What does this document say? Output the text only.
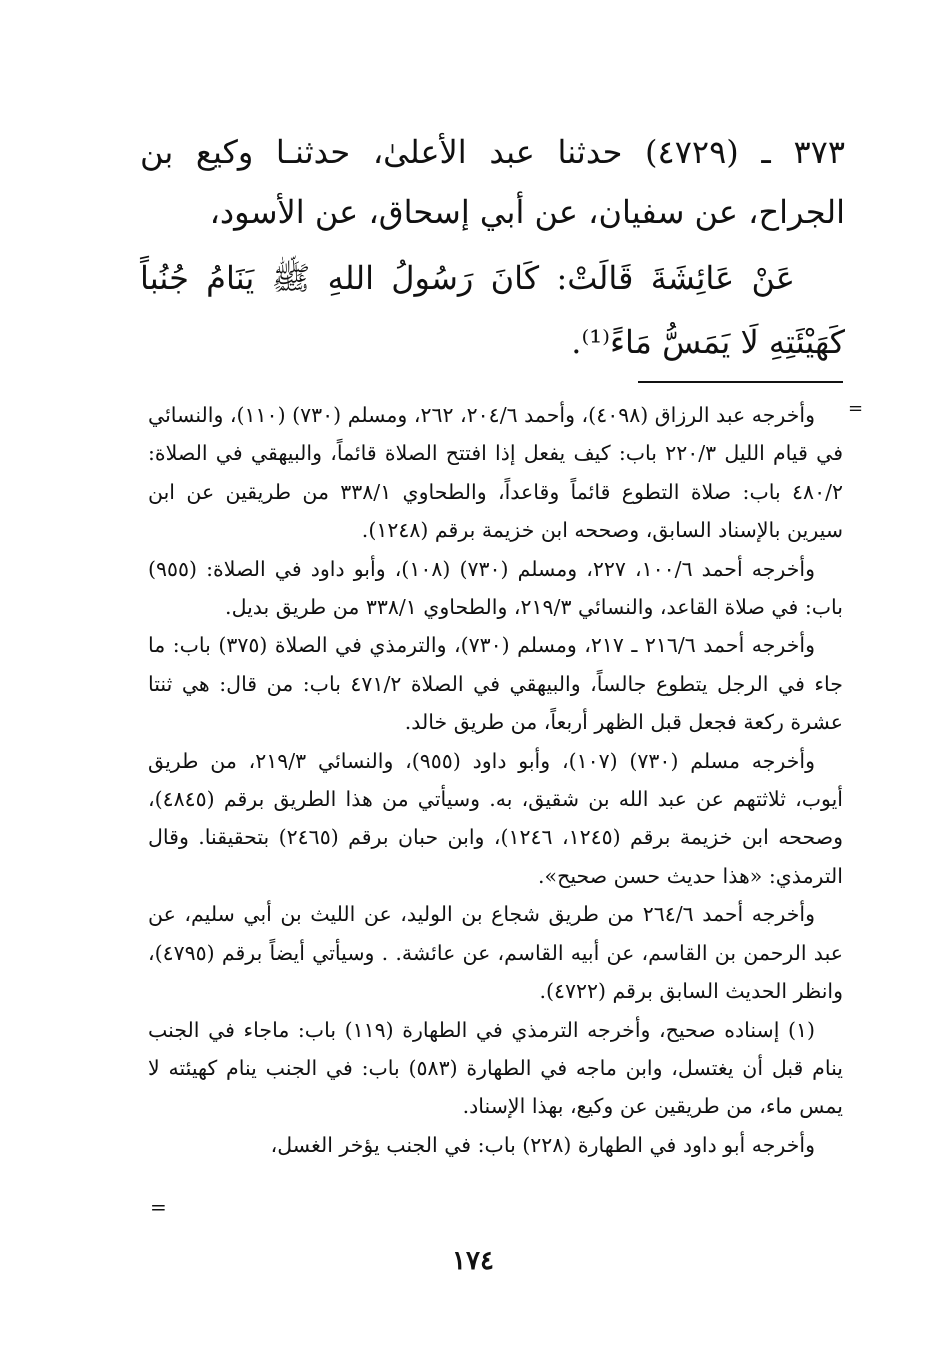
٣٧٣ ـ (٤٧٢٩) حدثنا عبد الأعلىٰ، حدثنـا وكيع بن الجراح، عن سفيان، عن أبي إسحاق، عن الأسود،

عَنْ عَائِشَةَ قَالَتْ: كَانَ رَسُولُ اللهِ ﷺ يَنَامُ جُنُباً كَهَيْئَتِهِ لَا يَمَسُّ مَاءً⁽¹⁾.

=

وأخرجه عبد الرزاق (٤٠٩٨)، وأحمد ٢٠٤/٦، ٢٦٢، ومسلم (٧٣٠) (١١٠)، والنسائي في قيام الليل ٢٢٠/٣ باب: كيف يفعل إذا افتتح الصلاة قائماً، والبيهقي في الصلاة: ٤٨٠/٢ باب: صلاة التطوع قائماً وقاعداً، والطحاوي ٣٣٨/١ من طريقين عن ابن سيرين بالإسناد السابق، وصححه ابن خزيمة برقم (١٢٤٨).

وأخرجه أحمد ١٠٠/٦، ٢٢٧، ومسلم (٧٣٠) (١٠٨)، وأبو داود في الصلاة: (٩٥٥) باب: في صلاة القاعد، والنسائي ٢١٩/٣، والطحاوي ٣٣٨/١ من طريق بديل.

وأخرجه أحمد ٢١٦/٦ ـ ٢١٧، ومسلم (٧٣٠)، والترمذي في الصلاة (٣٧٥) باب: ما جاء في الرجل يتطوع جالساً، والبيهقي في الصلاة ٤٧١/٢ باب: من قال: هي ثنتا عشرة ركعة فجعل قبل الظهر أربعاً، من طريق خالد.

وأخرجه مسلم (٧٣٠) (١٠٧)، وأبو داود (٩٥٥)، والنسائي ٢١٩/٣، من طريق أيوب، ثلاثتهم عن عبد الله بن شقيق، به. وسيأتي من هذا الطريق برقم (٤٨٤٥)، وصححه ابن خزيمة برقم (١٢٤٥، ١٢٤٦)، وابن حبان برقم (٢٤٦٥) بتحقيقنا. وقال الترمذي: «هذا حديث حسن صحيح».

وأخرجه أحمد ٢٦٤/٦ من طريق شجاع بن الوليد، عن الليث بن أبي سليم، عن عبد الرحمن بن القاسم، عن أبيه القاسم، عن عائشة. . وسيأتي أيضاً برقم (٤٧٩٥)، وانظر الحديث السابق برقم (٤٧٢٢).

(١) إسناده صحيح، وأخرجه الترمذي في الطهارة (١١٩) باب: ماجاء في الجنب ينام قبل أن يغتسل، وابن ماجه في الطهارة (٥٨٣) باب: في الجنب ينام كهيئته لا يمس ماء، من طريقين عن وكيع، بهذا الإسناد.

وأخرجه أبو داود في الطهارة (٢٢٨) باب: في الجنب يؤخر الغسل،

=
١٧٤
